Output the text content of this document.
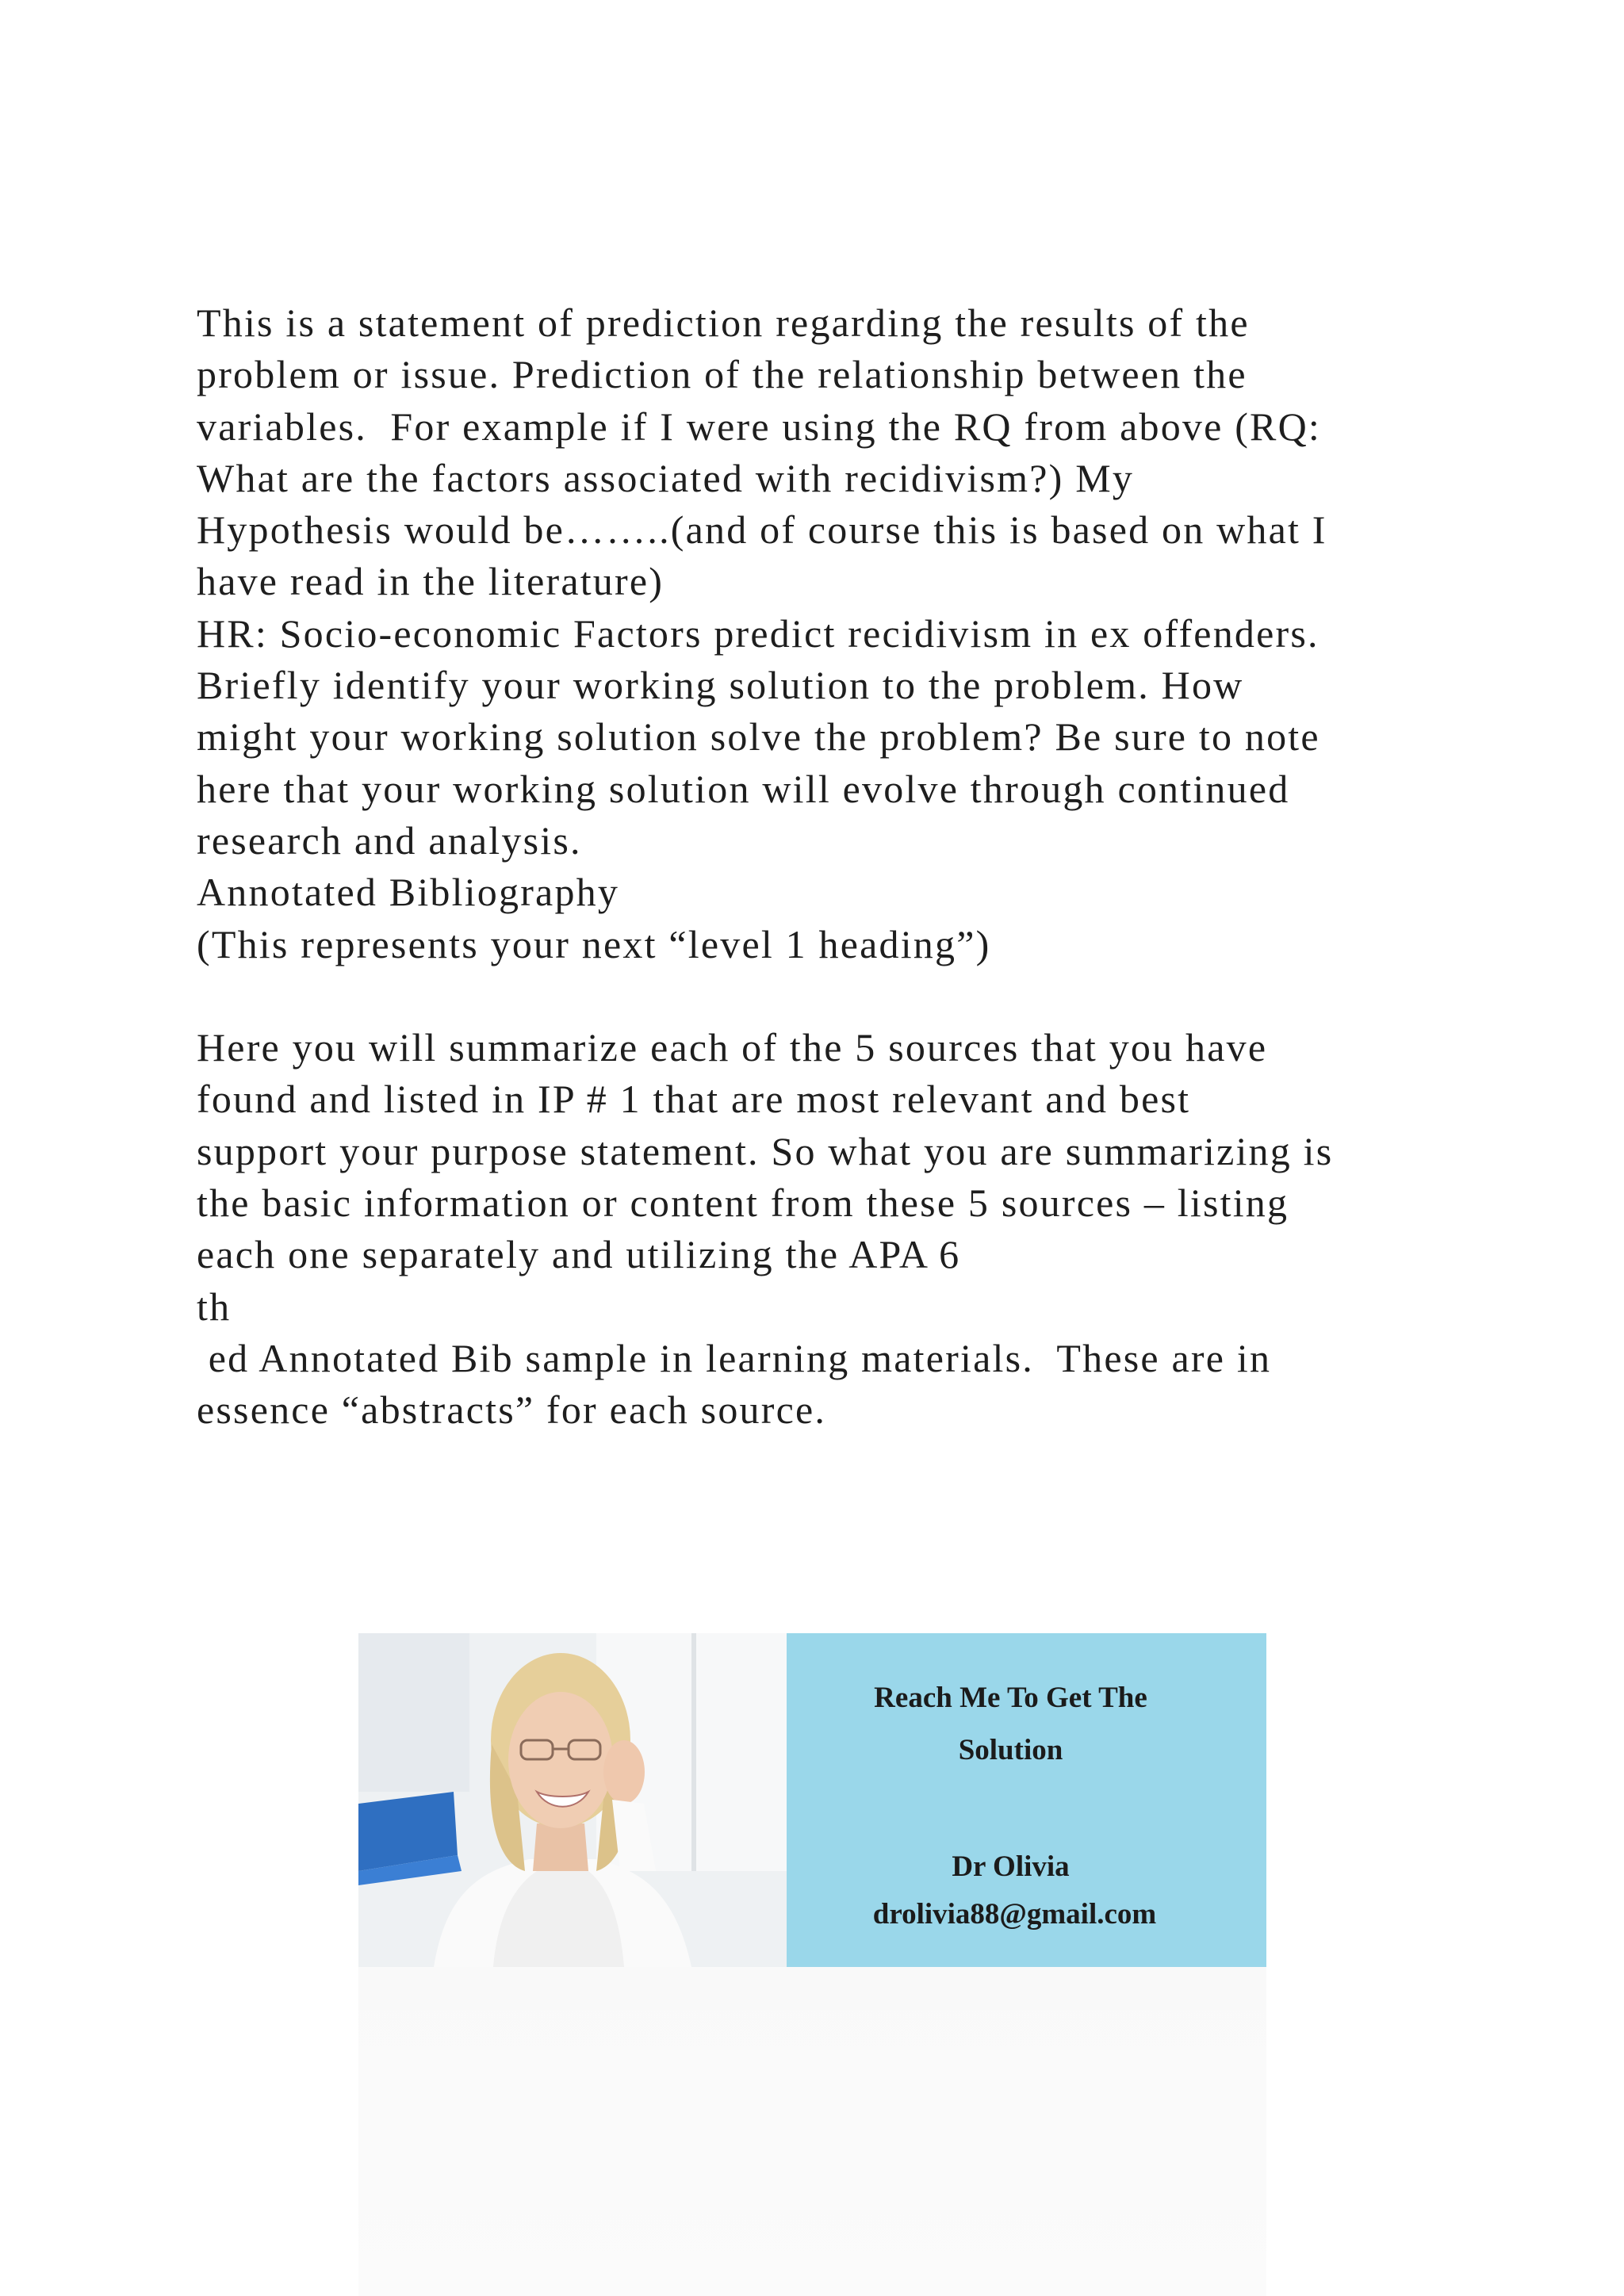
This is a statement of prediction regarding the results of the
problem or issue. Prediction of the relationship between the
variables.  For example if I were using the RQ from above (RQ:
What are the factors associated with recidivism?) My
Hypothesis would be……..(and of course this is based on what I
have read in the literature)
HR: Socio-economic Factors predict recidivism in ex offenders.
Briefly identify your working solution to the problem. How
might your working solution solve the problem? Be sure to note
here that your working solution will evolve through continued
research and analysis.
Annotated Bibliography
(This represents your next “level 1 heading”)
Here you will summarize each of the 5 sources that you have
found and listed in IP # 1 that are most relevant and best
support your purpose statement. So what you are summarizing is
the basic information or content from these 5 sources – listing
each one separately and utilizing the APA 6
th
ed Annotated Bib sample in learning materials.  These are in
essence “abstracts” for each source.
Reach Me To Get The
Solution
Dr Olivia
drolivia88@gmail.com
